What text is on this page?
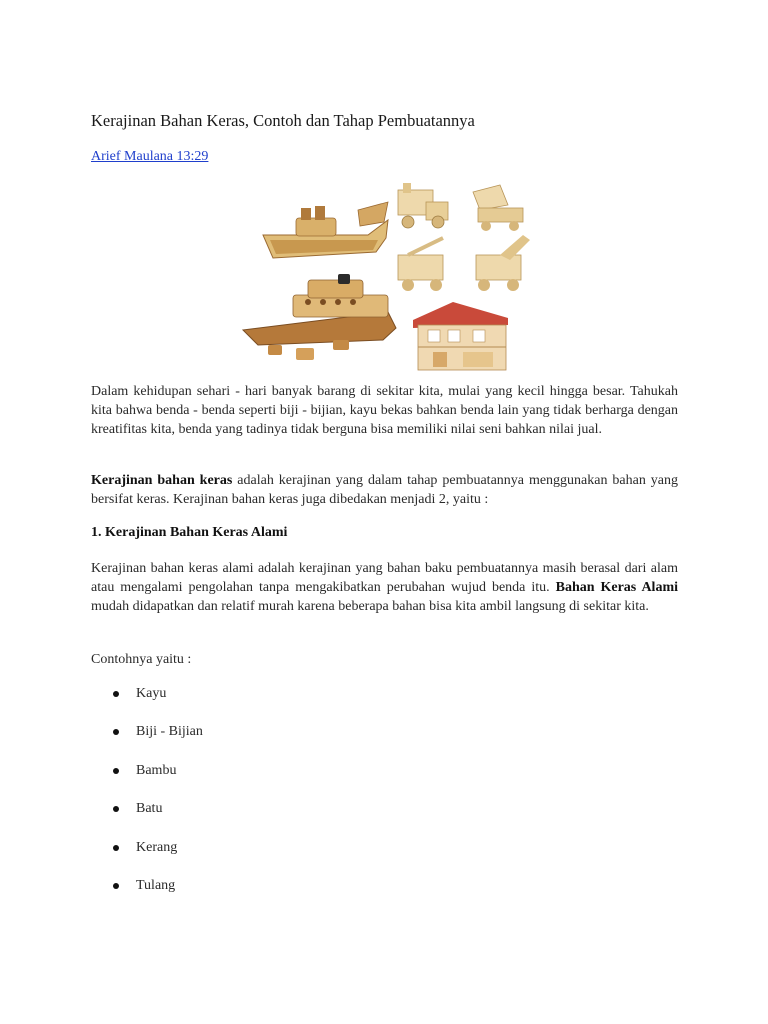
Kerajinan Bahan Keras, Contoh dan Tahap Pembuatannya
Arief Maulana 13:29

Dalam kehidupan sehari - hari banyak barang di sekitar kita, mulai yang kecil hingga besar. Tahukah kita bahwa benda - benda seperti biji - bijian, kayu bekas bahkan benda lain yang tidak berharga dengan kreatifitas kita, benda yang tadinya tidak berguna bisa memiliki nilai seni bahkan nilai jual.

Kerajinan bahan keras adalah kerajinan yang dalam tahap pembuatannya menggunakan bahan yang bersifat keras. Kerajinan bahan keras juga dibedakan menjadi 2, yaitu :

1. Kerajinan Bahan Keras Alami

Kerajinan bahan keras alami adalah kerajinan yang bahan baku pembuatannya masih berasal dari alam atau mengalami pengolahan tanpa mengakibatkan perubahan wujud benda itu. Bahan Keras Alami mudah didapatkan dan relatif murah karena beberapa bahan bisa kita ambil langsung di sekitar kita.

Contohnya yaitu :
Kayu
Biji - Bijian
Bambu
Batu
Kerang
Tulang
